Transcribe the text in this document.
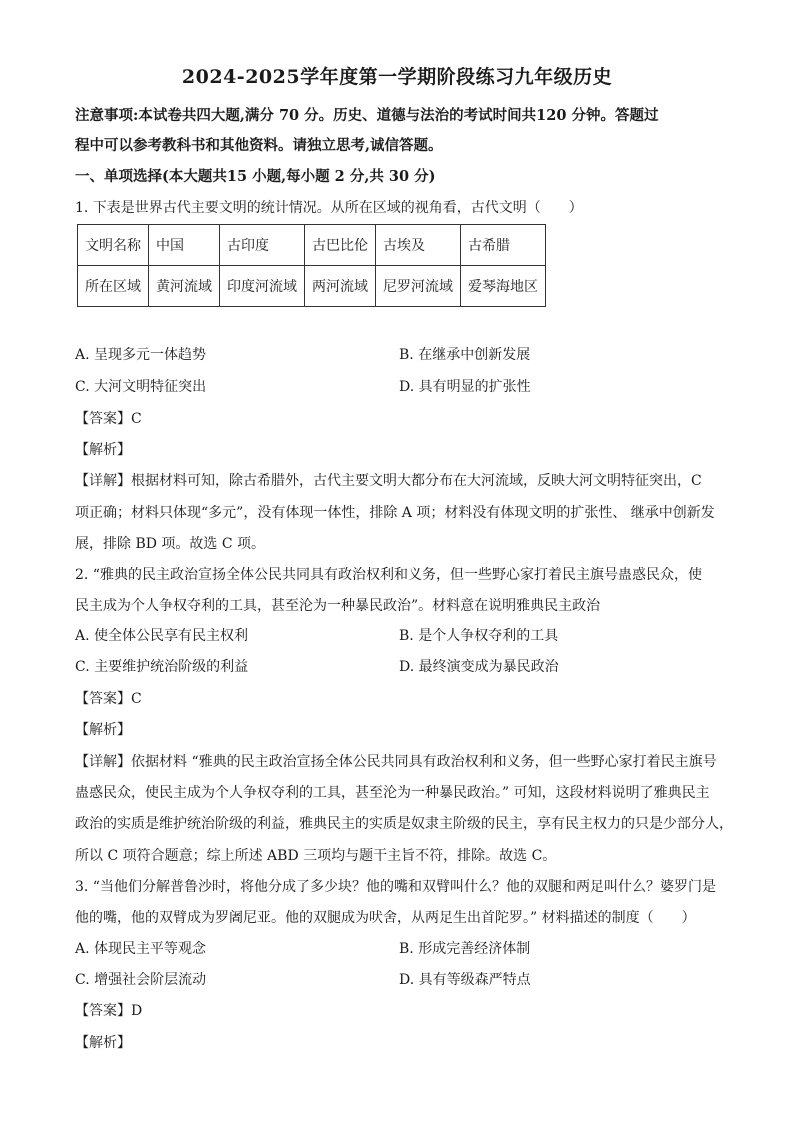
2024-2025学年度第一学期阶段练习九年级历史
注意事项:本试卷共四大题,满分 70 分。历史、道德与法治的考试时间共120 分钟。答题过
程中可以参考教科书和其他资料。请独立思考,诚信答题。
一、单项选择(本大题共15 小题,每小题 2 分,共 30 分)
1. 下表是世界古代主要文明的统计情况。从所在区域的视角看，古代文明（　　）
文明名称	中国	古印度	古巴比伦	古埃及	古希腊
所在区域	黄河流域	印度河流域	两河流域	尼罗河流域	爱琴海地区
A. 呈现多元一体趋势	B. 在继承中创新发展
C. 大河文明特征突出	D. 具有明显的扩张性
【答案】C
【解析】
【详解】根据材料可知，除古希腊外，古代主要文明大都分布在大河流域，反映大河文明特征突出，C
项正确；材料只体现“多元”，没有体现一体性，排除 A 项；材料没有体现文明的扩张性、 继承中创新发
展，排除 BD 项。故选 C 项。
2. “雅典的民主政治宣扬全体公民共同具有政治权利和义务，但一些野心家打着民主旗号蛊惑民众，使
民主成为个人争权夺利的工具，甚至沦为一种暴民政治”。材料意在说明雅典民主政治
A. 使全体公民享有民主权利	B. 是个人争权夺利的工具
C. 主要维护统治阶级的利益	D. 最终演变成为暴民政治
【答案】C
【解析】
【详解】依据材料 “雅典的民主政治宣扬全体公民共同具有政治权利和义务，但一些野心家打着民主旗号
蛊惑民众，使民主成为个人争权夺利的工具，甚至沦为一种暴民政治。” 可知，这段材料说明了雅典民主
政治的实质是维护统治阶级的利益，雅典民主的实质是奴隶主阶级的民主，享有民主权力的只是少部分人，
所以 C 项符合题意；综上所述 ABD 三项均与题干主旨不符，排除。故选 C。
3. “当他们分解普鲁沙时，将他分成了多少块？他的嘴和双臂叫什么？他的双腿和两足叫什么？婆罗门是
他的嘴，他的双臂成为罗阇尼亚。他的双腿成为吠舍，从两足生出首陀罗。” 材料描述的制度（　　）
A. 体现民主平等观念	B. 形成完善经济体制
C. 增强社会阶层流动	D. 具有等级森严特点
【答案】D
【解析】
